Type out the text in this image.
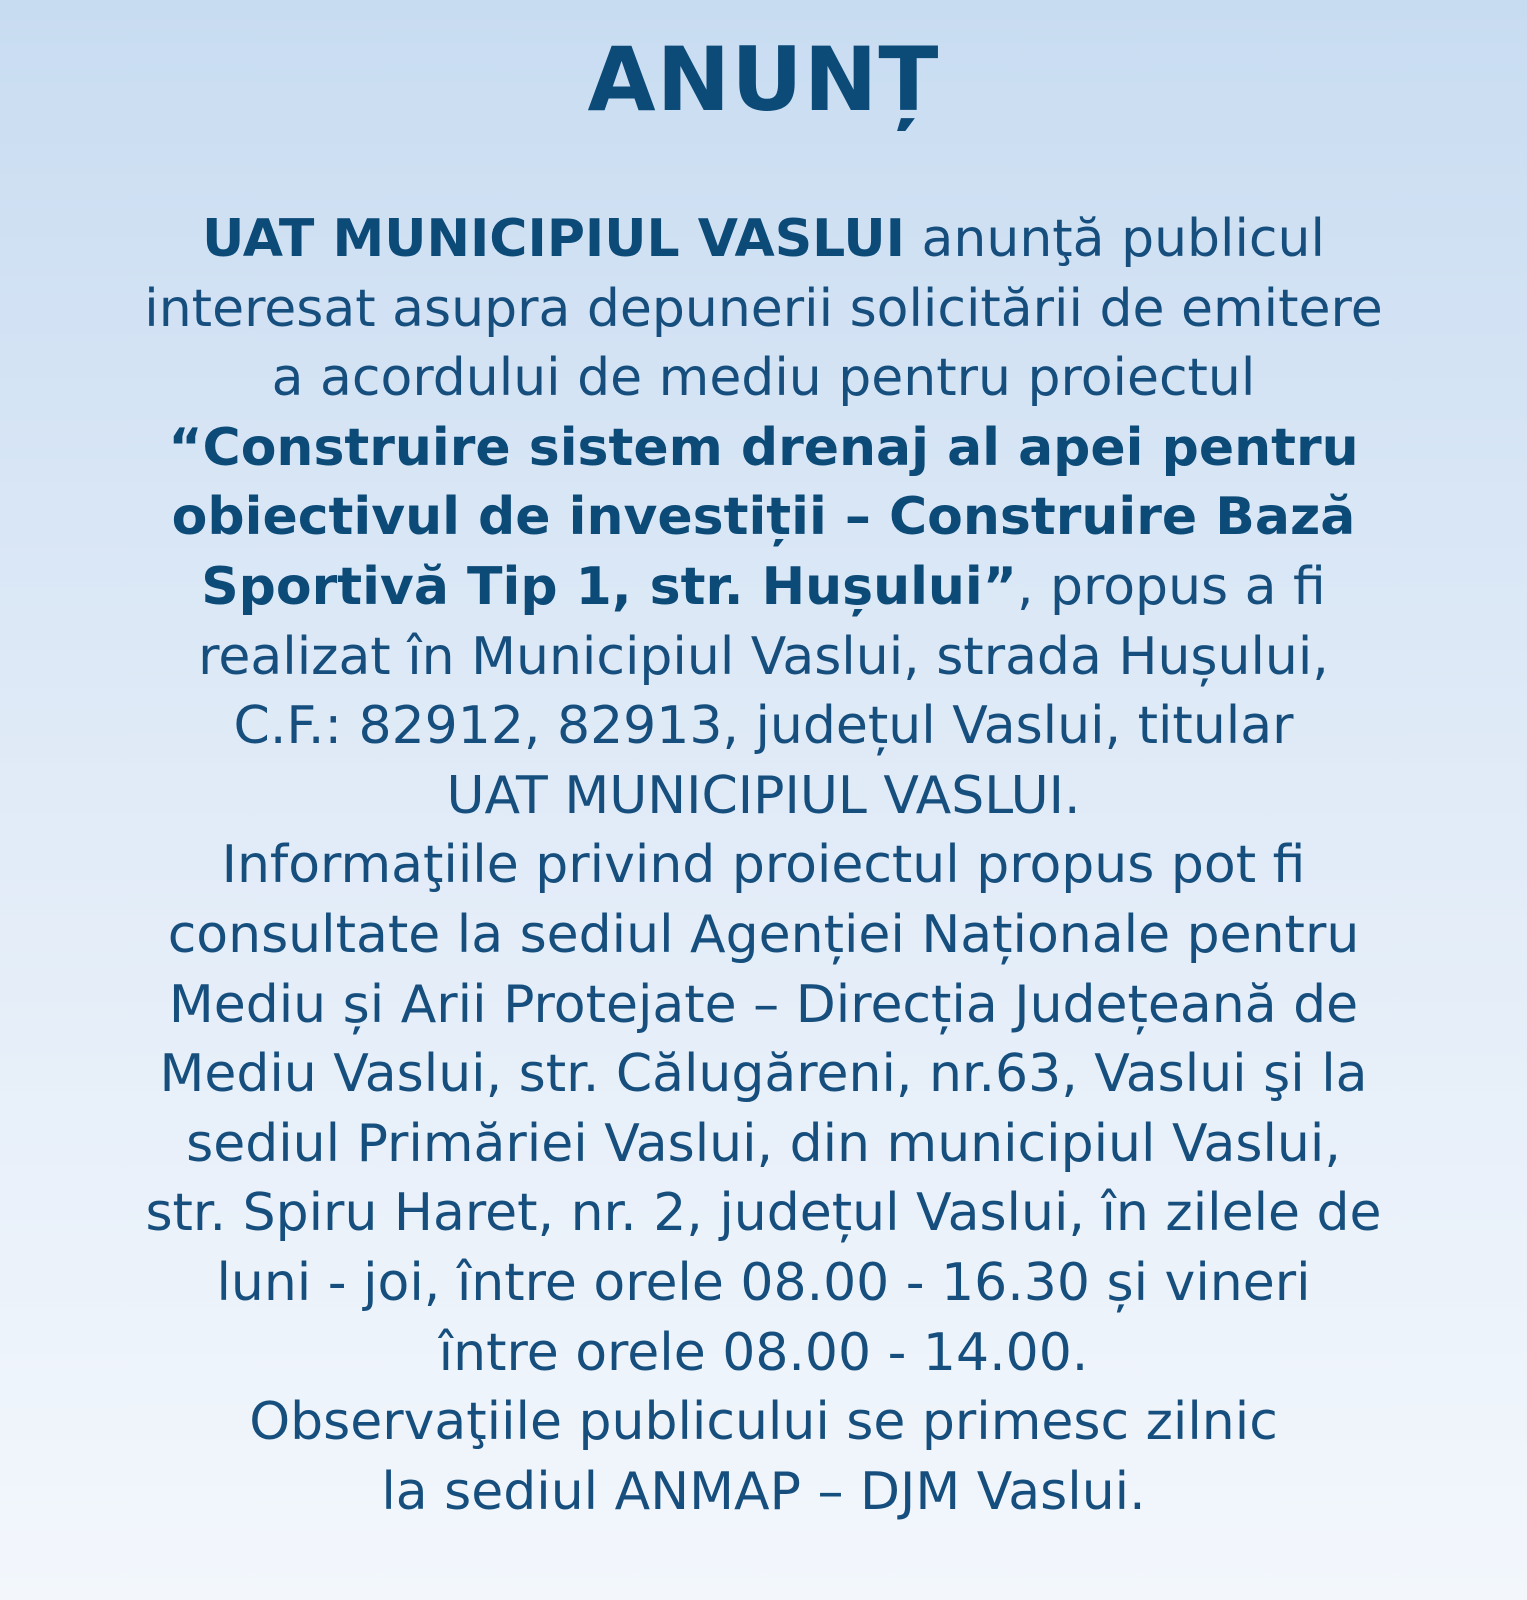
ANUNȚ
UAT MUNICIPIUL VASLUI anunţă publicul
interesat asupra depunerii solicitării de emitere
a acordului de mediu pentru proiectul
“Construire sistem drenaj al apei pentru
obiectivul de investiții – Construire Bază
Sportivă Tip 1, str. Hușului”, propus a fi
realizat în Municipiul Vaslui, strada Hușului,
C.F.: 82912, 82913, județul Vaslui, titular
UAT MUNICIPIUL VASLUI.
Informaţiile privind proiectul propus pot fi
consultate la sediul Agenției Naționale pentru
Mediu și Arii Protejate – Direcția Județeană de
Mediu Vaslui, str. Călugăreni, nr.63, Vaslui şi la
sediul Primăriei Vaslui, din municipiul Vaslui,
str. Spiru Haret, nr. 2, județul Vaslui, în zilele de
luni - joi, între orele 08.00 - 16.30 și vineri
între orele 08.00 - 14.00.
Observaţiile publicului se primesc zilnic
la sediul ANMAP – DJM Vaslui.
